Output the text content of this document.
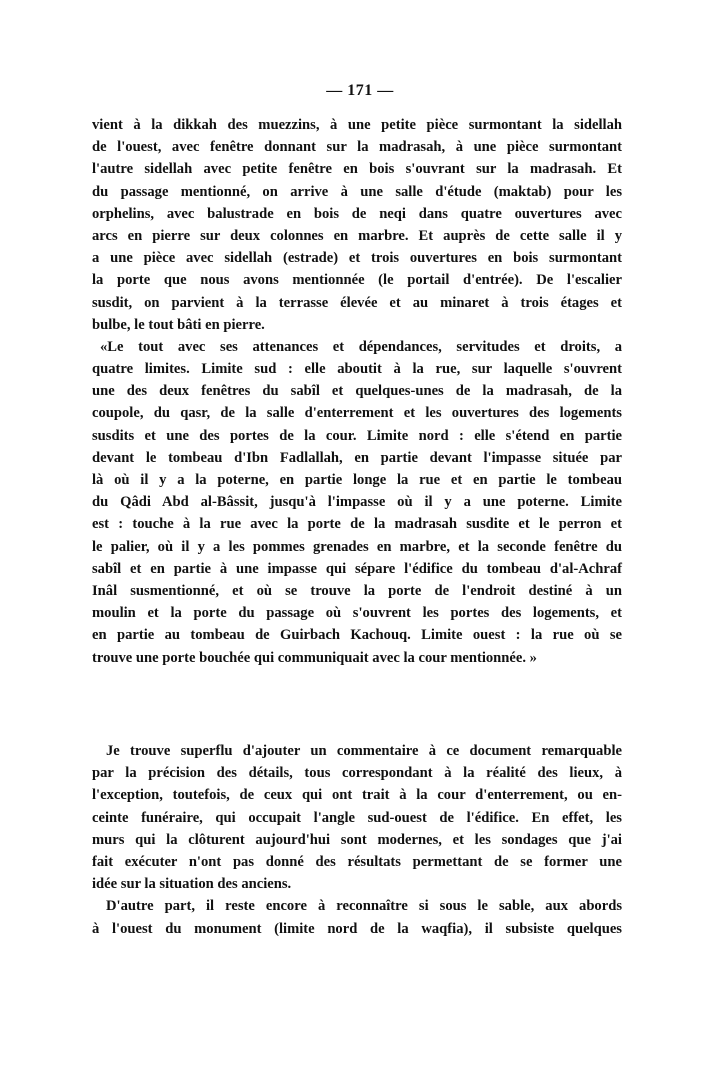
— 171 —
vient à la dikkah des muezzins, à une petite pièce surmontant la sidellah
de l'ouest, avec fenêtre donnant sur la madrasah, à une pièce surmontant
l'autre sidellah avec petite fenêtre en bois s'ouvrant sur la madrasah. Et
du passage mentionné, on arrive à une salle d'étude (maktab) pour les
orphelins, avec balustrade en bois de neqi dans quatre ouvertures avec
arcs en pierre sur deux colonnes en marbre. Et auprès de cette salle il y
a une pièce avec sidellah (estrade) et trois ouvertures en bois surmontant
la porte que nous avons mentionnée (le portail d'entrée). De l'escalier
susdit, on parvient à la terrasse élevée et au minaret à trois étages et
bulbe, le tout bâti en pierre.
«Le tout avec ses attenances et dépendances, servitudes et droits, a
quatre limites. Limite sud : elle aboutit à la rue, sur laquelle s'ouvrent
une des deux fenêtres du sabîl et quelques-unes de la madrasah, de la
coupole, du qasr, de la salle d'enterrement et les ouvertures des logements
susdits et une des portes de la cour. Limite nord : elle s'étend en partie
devant le tombeau d'Ibn Fadlallah, en partie devant l'impasse située par
là où il y a la poterne, en partie longe la rue et en partie le tombeau
du Qâdi Abd al-Bâssit, jusqu'à l'impasse où il y a une poterne. Limite
est : touche à la rue avec la porte de la madrasah susdite et le perron et
le palier, où il y a les pommes grenades en marbre, et la seconde fenêtre du
sabîl et en partie à une impasse qui sépare l'édifice du tombeau d'al-Achraf
Inâl susmentionné, et où se trouve la porte de l'endroit destiné à un
moulin et la porte du passage où s'ouvrent les portes des logements, et
en partie au tombeau de Guirbach Kachouq. Limite ouest : la rue où se
trouve une porte bouchée qui communiquait avec la cour mentionnée. »
Je trouve superflu d'ajouter un commentaire à ce document remarquable
par la précision des détails, tous correspondant à la réalité des lieux, à
l'exception, toutefois, de ceux qui ont trait à la cour d'enterrement, ou en-
ceinte funéraire, qui occupait l'angle sud-ouest de l'édifice. En effet, les
murs qui la clôturent aujourd'hui sont modernes, et les sondages que j'ai
fait exécuter n'ont pas donné des résultats permettant de se former une
idée sur la situation des anciens.
D'autre part, il reste encore à reconnaître si sous le sable, aux abords
à l'ouest du monument (limite nord de la waqfia), il subsiste quelques
